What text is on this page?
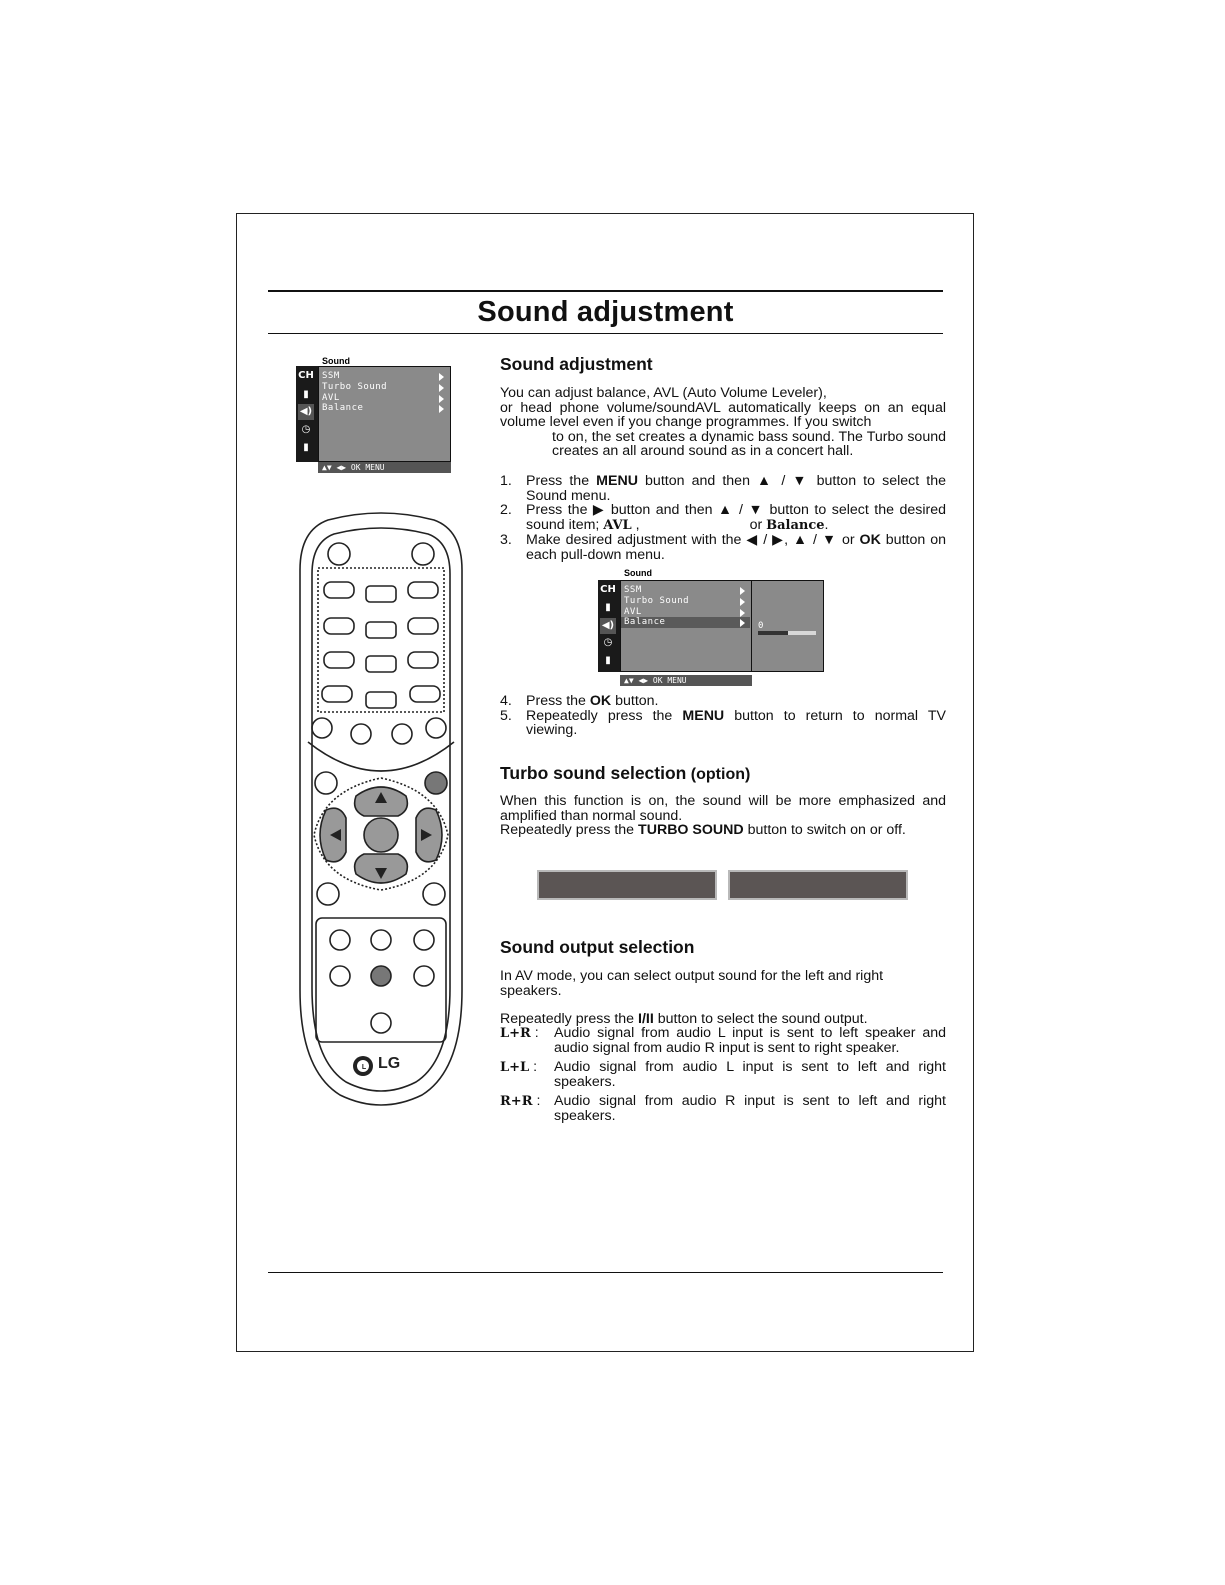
Sound adjustment
Sound
CH
▮
◀)
◷
▮
SSM
Turbo Sound
AVL
Balance
▲▼ ◀▶ OK MENU
Sound
CH
▮
◀)
◷
▮
SSM
Turbo Sound
AVL
Balance	0
▲▼ ◀▶ OK MENU
L LG
Sound adjustment
You can adjust balance, AVL (Auto Volume Leveler),
or head phone volume/soundAVL automatically keeps on an equal volume level even if you change programmes. If you switch
to on, the set creates a dynamic bass sound. The Turbo sound creates an all around sound as in a concert hall.
1. Press the MENU button and then ▲ / ▼ button to select the Sound menu.
2. Press the ▶ button and then ▲ / ▼ button to select the desired sound item; AVL ,	or Balance.
3. Make desired adjustment with the ◀ / ▶, ▲ / ▼ or OK button on each pull-down menu.
4. Press the OK button.
5. Repeatedly press the MENU button to return to normal TV viewing.
Turbo sound selection (option)
When this function is on, the sound will be more emphasized and amplified than normal sound.
Repeatedly press the TURBO SOUND button to switch on or off.
Sound output selection
In AV mode, you can select output sound for the left and right speakers.
Repeatedly press the I/II button to select the sound output.
L+R :	Audio signal from audio L input is sent to left speaker and audio signal from audio R input is sent to right speaker.
L+L :	Audio signal from audio L input is sent to left and right speakers.
R+R : Audio signal from audio R input is sent to left and right speakers.
